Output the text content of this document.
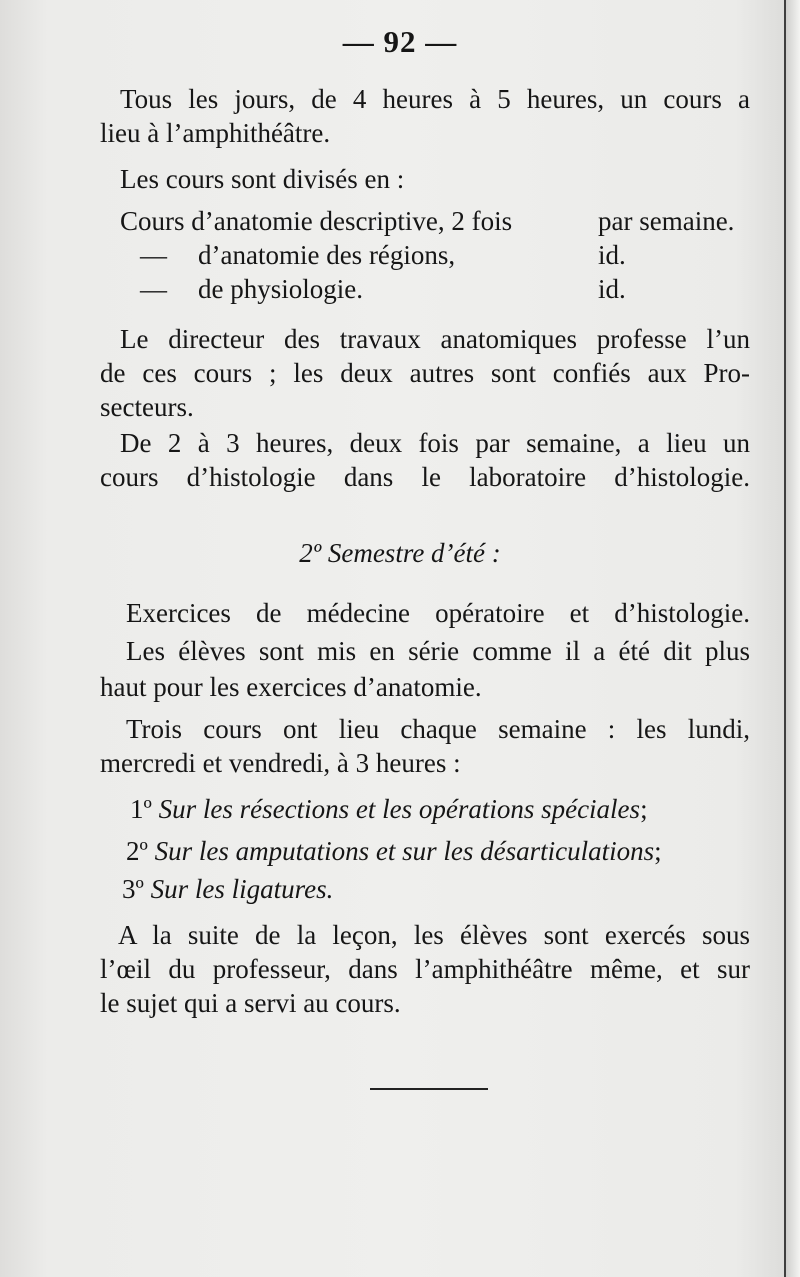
— 92 —
Tous les jours, de 4 heures à 5 heures, un cours a
lieu à l’amphithéâtre.
Les cours sont divisés en :
Cours d’anatomie descriptive, 2 fois	par semaine.
— d’anatomie des régions,	id.
— de physiologie.	id.
Le directeur des travaux anatomiques professe l’un
de ces cours ; les deux autres sont confiés aux Pro-
secteurs.
De 2 à 3 heures, deux fois par semaine, a lieu un
cours d’histologie dans le laboratoire d’histologie.
2º Semestre d’été :
Exercices de médecine opératoire et d’histologie.
Les élèves sont mis en série comme il a été dit plus
haut pour les exercices d’anatomie.
Trois cours ont lieu chaque semaine : les lundi,
mercredi et vendredi, à 3 heures :
1º Sur les résections et les opérations spéciales;
2º Sur les amputations et sur les désarticulations;
3º Sur les ligatures.
A la suite de la leçon, les élèves sont exercés sous
l’œil du professeur, dans l’amphithéâtre même, et sur
le sujet qui a servi au cours.
